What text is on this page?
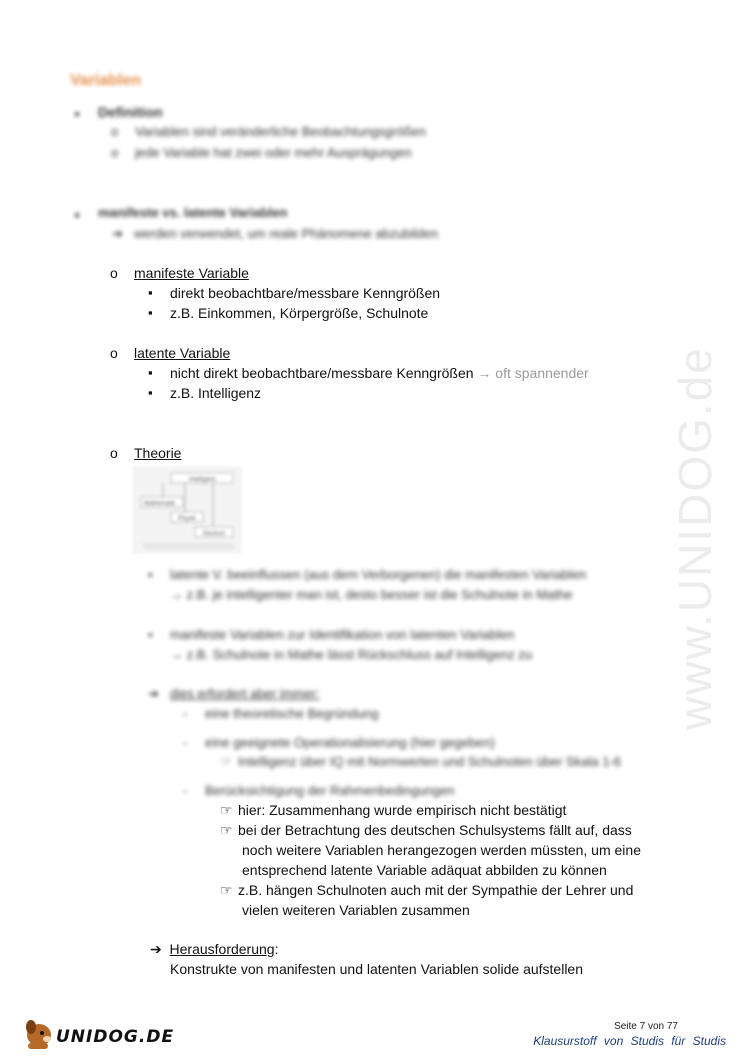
Variablen
● Definition
o Variablen sind veränderliche Beobachtungsgrößen
o jede Variable hat zwei oder mehr Ausprägungen
● manifeste vs. latente Variablen
➔ werden verwendet, um reale Phänomene abzubilden
o manifeste Variable
▪ direkt beobachtbare/messbare Kenngrößen
▪ z.B. Einkommen, Körpergröße, Schulnote
o latente Variable
▪ nicht direkt beobachtbare/messbare Kenngrößen → oft spannender
▪ z.B. Intelligenz
o Theorie
Intelligenz
Mathematik
Physik
Deutsch
▪ latente V. beeinflussen (aus dem Verborgenen) die manifesten Variablen
→ z.B. je intelligenter man ist, desto besser ist die Schulnote in Mathe
▪ manifeste Variablen zur Identifikation von latenten Variablen
→ z.B. Schulnote in Mathe lässt Rückschluss auf Intelligenz zu
➔ dies erfordert aber immer:
- eine theoretische Begründung
- eine geeignete Operationalisierung (hier gegeben)
☞ Intelligenz über IQ mit Normwerten und Schulnoten über Skala 1-6
- Berücksichtigung der Rahmenbedingungen
☞ hier: Zusammenhang wurde empirisch nicht bestätigt
☞ bei der Betrachtung des deutschen Schulsystems fällt auf, dass
noch weitere Variablen herangezogen werden müssten, um eine
entsprechend latente Variable adäquat abbilden zu können
☞ z.B. hängen Schulnoten auch mit der Sympathie der Lehrer und
vielen weiteren Variablen zusammen
➔ Herausforderung:
Konstrukte von manifesten und latenten Variablen solide aufstellen
www.UNIDOG.de
UNIDOG.DE
Seite 7 von 77
Klausurstoff von Studis für Studis
